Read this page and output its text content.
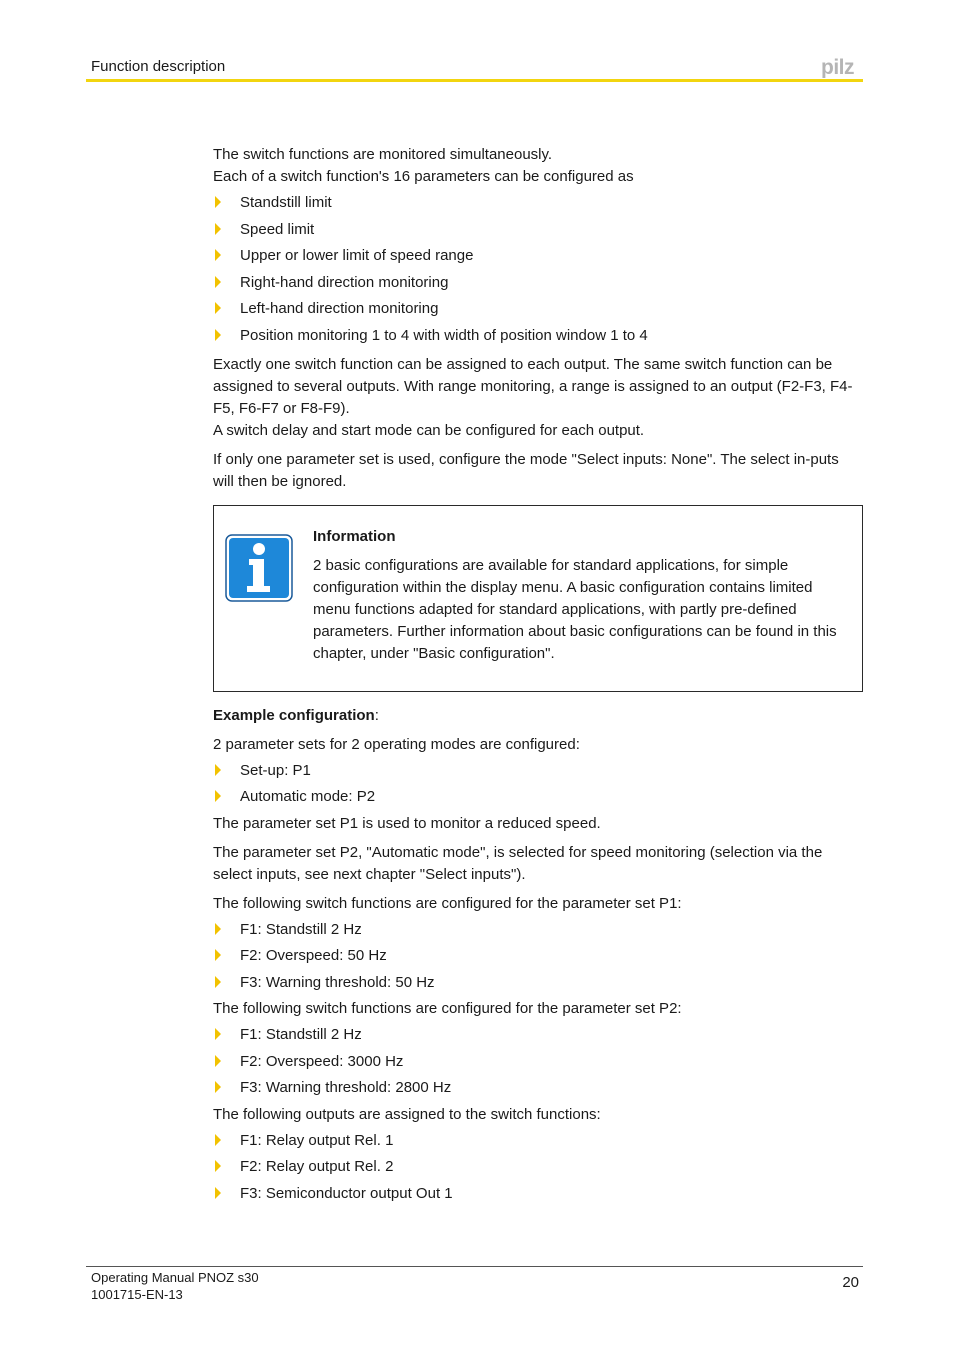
Function description	pilz

The switch functions are monitored simultaneously.

Each of a switch function's 16 parameters can be configured as

Standstill limit
Speed limit
Upper or lower limit of speed range
Right-hand direction monitoring
Left-hand direction monitoring
Position monitoring 1 to 4 with width of position window 1 to 4

Exactly one switch function can be assigned to each output. The same switch function can be assigned to several outputs. With range monitoring, a range is assigned to an output (F2-F3, F4-F5, F6-F7 or F8-F9).

A switch delay and start mode can be configured for each output.

If only one parameter set is used, configure the mode "Select inputs: None". The select in-puts will then be ignored.

Information

2 basic configurations are available for standard applications, for simple configuration within the display menu. A basic configuration contains limited menu functions adapted for standard applications, with partly pre-defined parameters. Further information about basic configurations can be found in this chapter, under "Basic configuration".

Example configuration:

2 parameter sets for 2 operating modes are configured:

Set-up: P1
Automatic mode: P2

The parameter set P1 is used to monitor a reduced speed.

The parameter set P2, "Automatic mode", is selected for speed monitoring (selection via the select inputs, see next chapter "Select inputs").

The following switch functions are configured for the parameter set P1:

F1: Standstill 2 Hz
F2: Overspeed: 50 Hz
F3: Warning threshold: 50 Hz

The following switch functions are configured for the parameter set P2:

F1: Standstill 2 Hz
F2: Overspeed: 3000 Hz
F3: Warning threshold: 2800 Hz

The following outputs are assigned to the switch functions:

F1: Relay output Rel. 1
F2: Relay output Rel. 2
F3: Semiconductor output Out 1
Operating Manual PNOZ s30
1001715-EN-13
20
